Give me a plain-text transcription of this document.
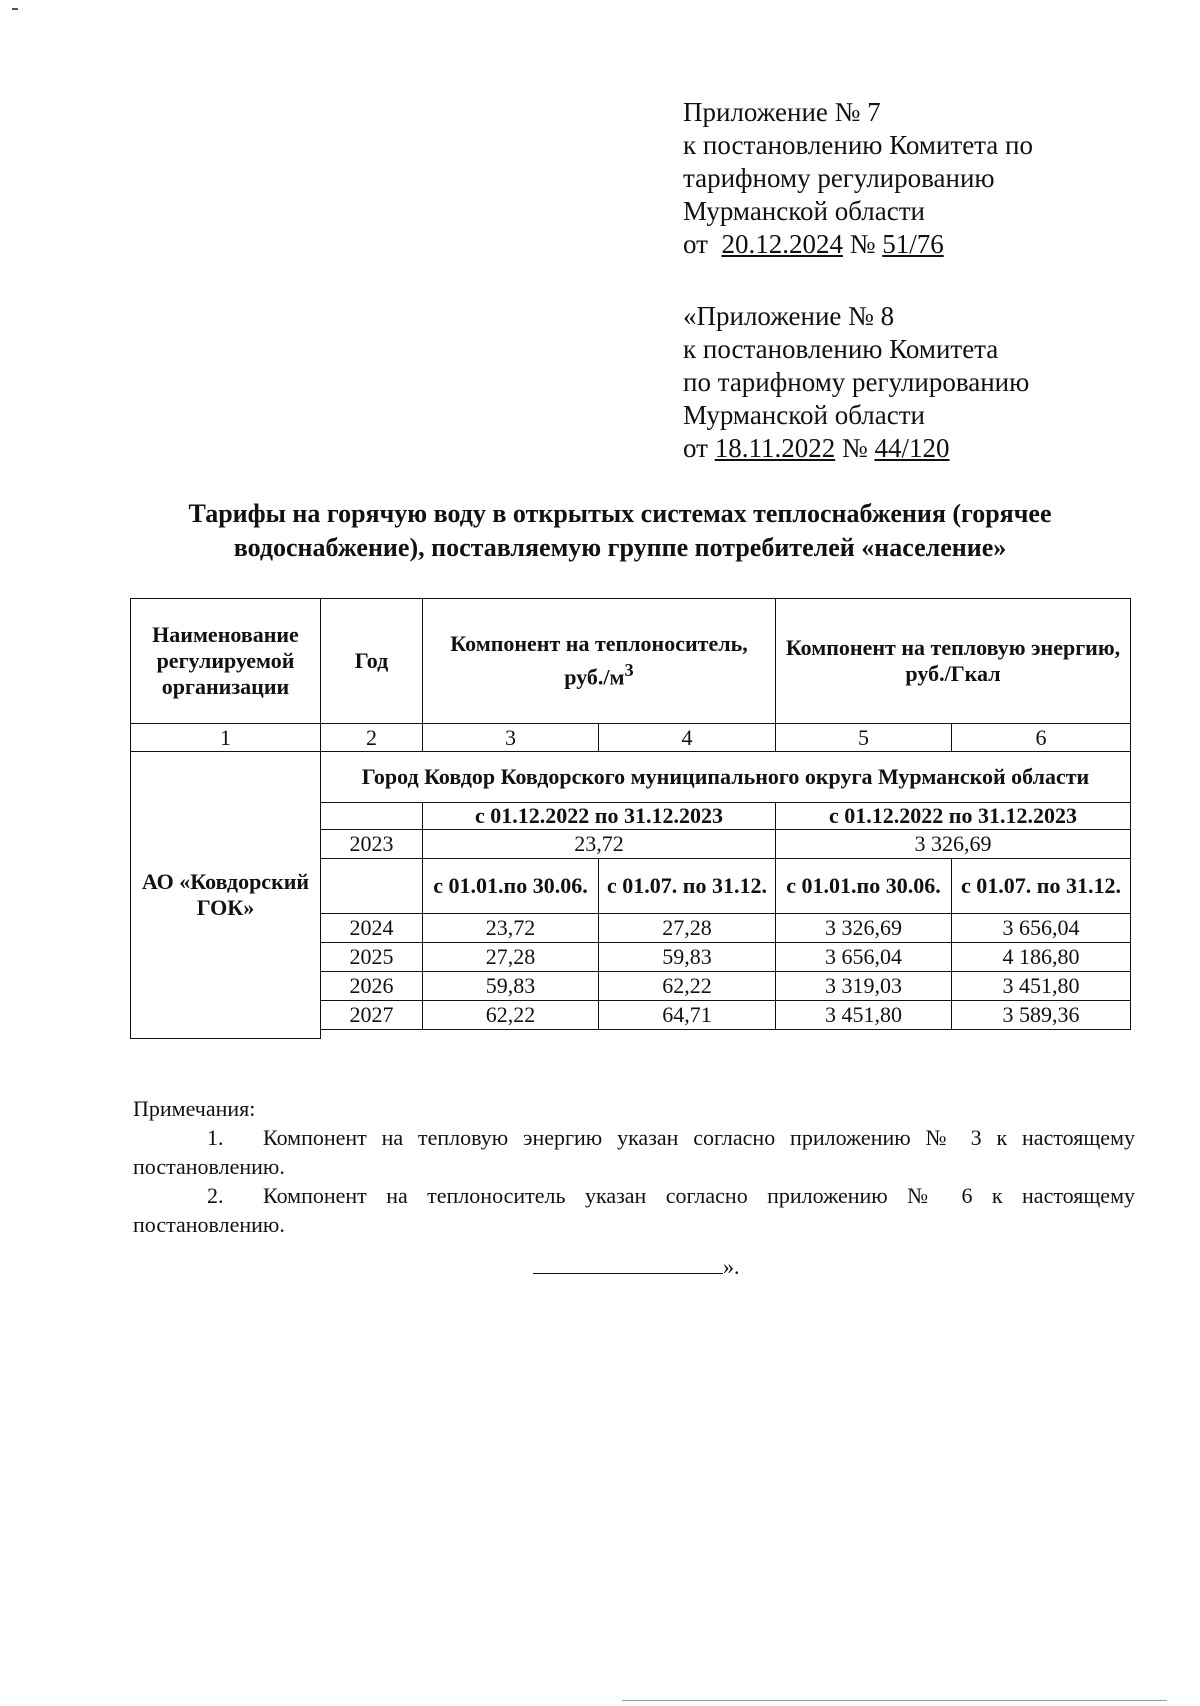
Приложение № 7
к постановлению Комитета по
тарифному регулированию
Мурманской области
от 20.12.2024 № 51/76
«Приложение № 8
к постановлению Комитета
по тарифному регулированию
Мурманской области
от 18.11.2022 № 44/120
Тарифы на горячую воду в открытых системах теплоснабжения (горячее
водоснабжение), поставляемую группе потребителей «население»
Наименование регулируемой организации	Год	Компонент на теплоноситель, $руб./м^3$		Компонент на тепловую энергию, руб./Гкал	
1	2	3	4	5	6
АО «Ковдорский ГОК»	Город Ковдор Ковдорского муниципального округа Мурманской области				
		с 01.12.2022 по 31.12.2023		с 01.12.2022 по 31.12.2023	
	2023	23,72		3 326,69	
		с 01.01.по 30.06.	с 01.07. по 31.12.	с 01.01.по 30.06.	с 01.07. по 31.12.
	2024	23,72	27,28	3 326,69	3 656,04
	2025	27,28	59,83	3 656,04	4 186,80
	2026	59,83	62,22	3 319,03	3 451,80
	2027	62,22	64,71	3 451,80	3 589,36

Примечания:
1. Компонент на тепловую энергию указан согласно приложению № 3 к настоящему постановлению.
2. Компонент на теплоноситель указан согласно приложению № 6 к настоящему постановлению.
».
